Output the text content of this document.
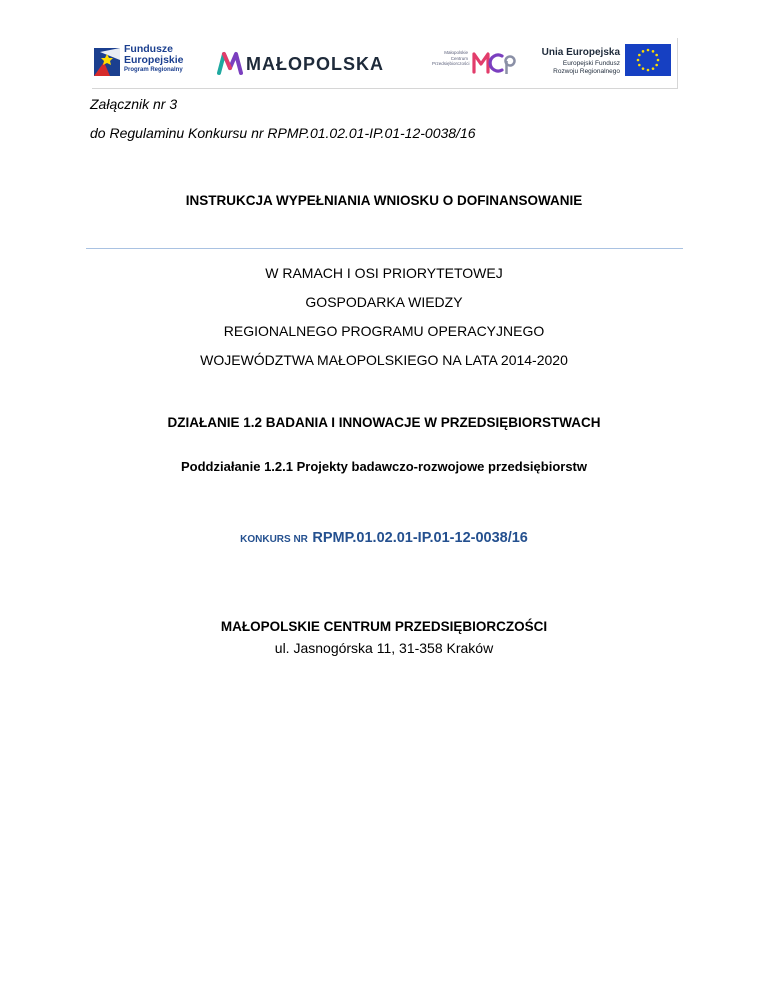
Fundusze
Europejskie
Program Regionalny	MAŁOPOLSKA
Małopolskie
Centrum
Przedsiębiorczości
Unia Europejska
Europejski Fundusz
Rozwoju Regionalnego
Załącznik nr 3
do Regulaminu Konkursu nr RPMP.01.02.01-IP.01-12-0038/16
INSTRUKCJA WYPEŁNIANIA WNIOSKU O DOFINANSOWANIE
W RAMACH I OSI PRIORYTETOWEJ
GOSPODARKA WIEDZY
REGIONALNEGO PROGRAMU OPERACYJNEGO
WOJEWÓDZTWA MAŁOPOLSKIEGO NA LATA 2014-2020
DZIAŁANIE 1.2 BADANIA I INNOWACJE W PRZEDSIĘBIORSTWACH
Poddziałanie 1.2.1 Projekty badawczo-rozwojowe przedsiębiorstw
KONKURS NR RPMP.01.02.01-IP.01-12-0038/16
MAŁOPOLSKIE CENTRUM PRZEDSIĘBIORCZOŚCI
ul. Jasnogórska 11, 31-358 Kraków
